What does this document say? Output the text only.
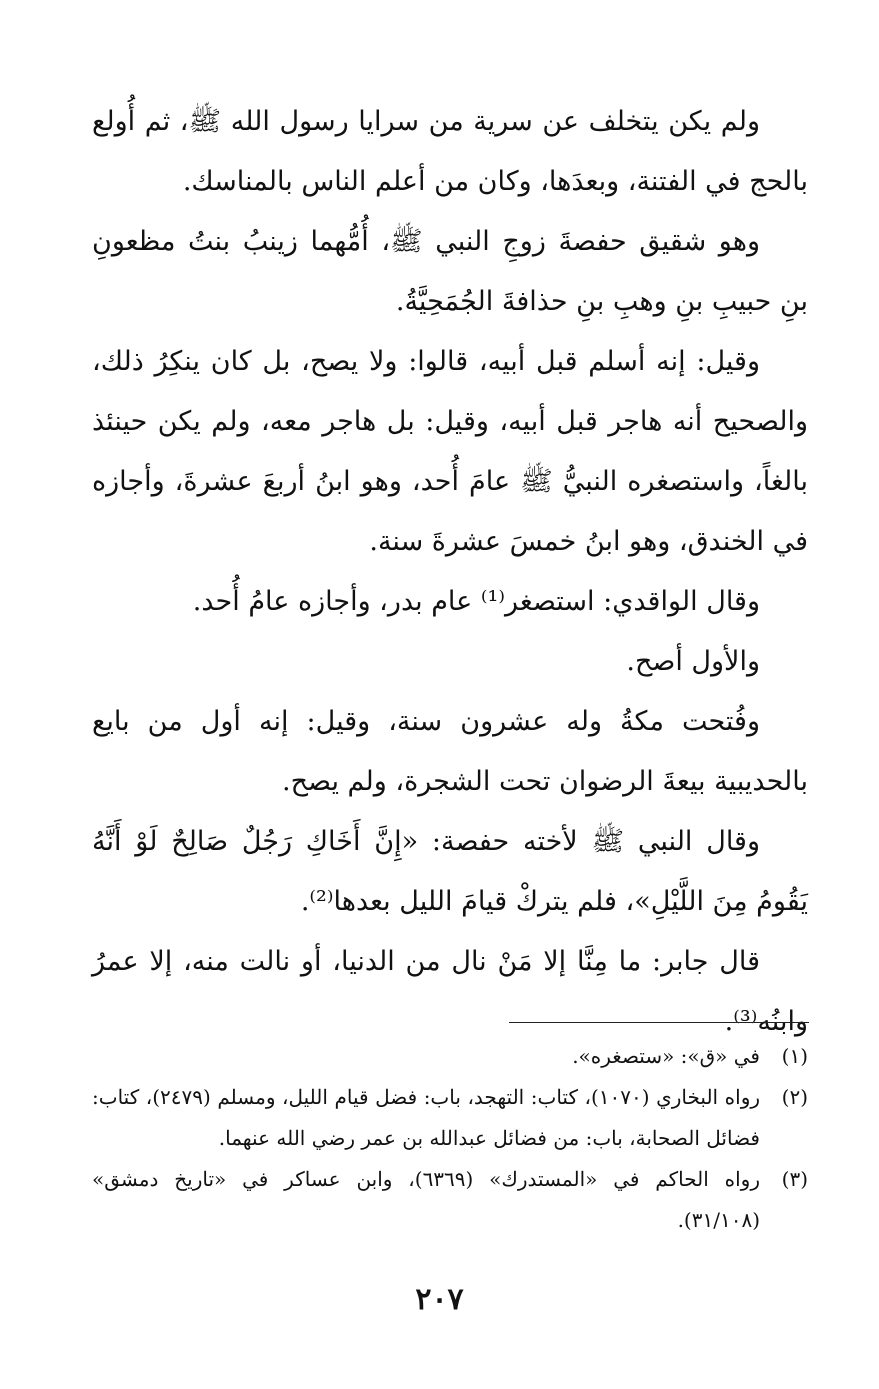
ولم يكن يتخلف عن سرية من سرايا رسول الله ﷺ، ثم أُولع بالحج في الفتنة، وبعدَها، وكان من أعلم الناس بالمناسك.

وهو شقيق حفصةَ زوجِ النبي ﷺ، أُمُّهما زينبُ بنتُ مظعونِ بنِ حبيبِ بنِ وهبِ بنِ حذافةَ الجُمَحِيَّةُ.

وقيل: إنه أسلم قبل أبيه، قالوا: ولا يصح، بل كان ينكِرُ ذلك، والصحيح أنه هاجر قبل أبيه، وقيل: بل هاجر معه، ولم يكن حينئذ بالغاً، واستصغره النبيُّ ﷺ عامَ أُحد، وهو ابنُ أربعَ عشرةَ، وأجازه في الخندق، وهو ابنُ خمسَ عشرةَ سنة.

وقال الواقدي: استصغر⁽¹⁾ عام بدر، وأجازه عامُ أُحد.

والأول أصح.

وفُتحت مكةُ وله عشرون سنة، وقيل: إنه أول من بايع بالحديبية بيعةَ الرضوان تحت الشجرة، ولم يصح.

وقال النبي ﷺ لأخته حفصة: «إِنَّ أَخَاكِ رَجُلٌ صَالِحٌ لَوْ أَنَّهُ يَقُومُ مِنَ اللَّيْلِ»، فلم يتركْ قيامَ الليل بعدها⁽²⁾.

قال جابر: ما مِنَّا إلا مَنْ نال من الدنيا، أو نالت منه، إلا عمرُ وابنُه⁽³⁾.

(١)
في «ق»: «ستصغره».
(٢)
رواه البخاري (١٠٧٠)، كتاب: التهجد، باب: فضل قيام الليل، ومسلم (٢٤٧٩)، كتاب: فضائل الصحابة، باب: من فضائل عبدالله بن عمر رضي الله عنهما.
(٣)
رواه الحاكم في «المستدرك» (٦٣٦٩)، وابن عساكر في «تاريخ دمشق» (٣١/١٠٨).
٢٠٧
